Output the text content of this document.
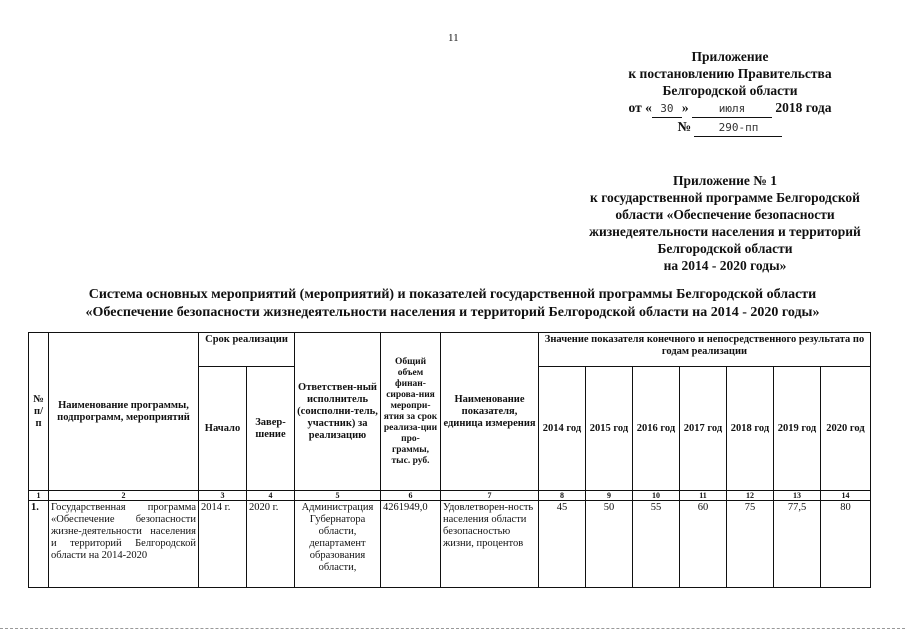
11
Приложение
к постановлению Правительства
Белгородской области
от « 30 »	июля 2018 года
№	290-пп
Приложение № 1
к государственной программе Белгородской
области «Обеспечение безопасности
жизнедеятельности населения и территорий
Белгородской области
на 2014 - 2020 годы»
Система основных мероприятий (мероприятий) и показателей государственной программы Белгородской области
«Обеспечение безопасности жизнедеятельности населения и территорий Белгородской области на 2014 - 2020 годы»
№ п/п	Наименование программы, подпрограмм, мероприятий	Срок реализации		Ответствен-ный исполнитель (соисполни-тель, участник) за реализацию	Общий объем финан-сирова-ния меропри-ятия за срок реализа-ции про-граммы, тыс. руб.	Наименование показателя, единица измерения	Значение показателя конечного и непосредственного результата по годам реализации						
		Начало	Завер-шение				2014 год	2015 год	2016 год	2017 год	2018 год	2019 год	2020 год
1	2	3	4	5	6	7	8	9	10	11	12	13	14
1.	Государственная программа «Обеспечение безопасности жизне-деятельности населения и территорий Белгородской области на 2014-2020	2014 г.	2020 г.	Администрация Губернатора области, департамент образования области,	4261949,0	Удовлетворен-ность населения области безопасностью жизни, процентов	45	50	55	60	75	77,5	80
